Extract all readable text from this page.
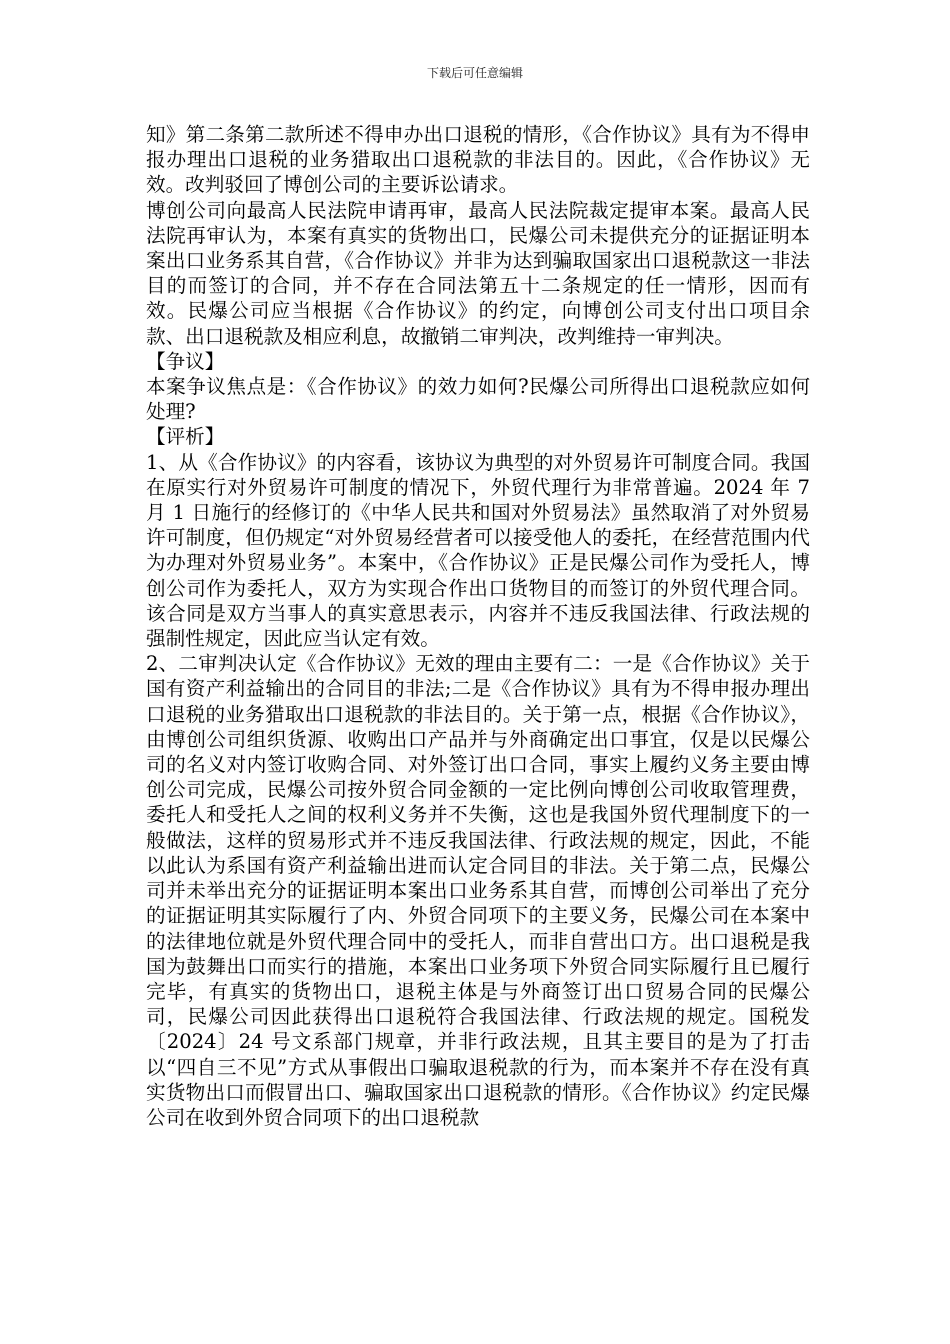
下载后可任意编辑

知》第二条第二款所述不得申办出口退税的情形，《合作协议》具有为不得申报办理出口退税的业务猎取出口退税款的非法目的。因此，《合作协议》无效。改判驳回了博创公司的主要诉讼请求。

博创公司向最高人民法院申请再审，最高人民法院裁定提审本案。最高人民法院再审认为，本案有真实的货物出口，民爆公司未提供充分的证据证明本案出口业务系其自营，《合作协议》并非为达到骗取国家出口退税款这一非法目的而签订的合同，并不存在合同法第五十二条规定的任一情形，因而有效。民爆公司应当根据《合作协议》的约定，向博创公司支付出口项目余款、出口退税款及相应利息，故撤销二审判决，改判维持一审判决。

【争议】

本案争议焦点是：《合作协议》的效力如何?民爆公司所得出口退税款应如何处理?

【评析】

1、从《合作协议》的内容看，该协议为典型的对外贸易许可制度合同。我国在原实行对外贸易许可制度的情况下，外贸代理行为非常普遍。2024 年 7 月 1 日施行的经修订的《中华人民共和国对外贸易法》虽然取消了对外贸易许可制度，但仍规定“对外贸易经营者可以接受他人的委托，在经营范围内代为办理对外贸易业务”。本案中，《合作协议》正是民爆公司作为受托人，博创公司作为委托人，双方为实现合作出口货物目的而签订的外贸代理合同。该合同是双方当事人的真实意思表示，内容并不违反我国法律、行政法规的强制性规定，因此应当认定有效。

2、二审判决认定《合作协议》无效的理由主要有二：一是《合作协议》关于国有资产利益输出的合同目的非法;二是《合作协议》具有为不得申报办理出口退税的业务猎取出口退税款的非法目的。关于第一点，根据《合作协议》，由博创公司组织货源、收购出口产品并与外商确定出口事宜，仅是以民爆公司的名义对内签订收购合同、对外签订出口合同，事实上履约义务主要由博创公司完成，民爆公司按外贸合同金额的一定比例向博创公司收取管理费，委托人和受托人之间的权利义务并不失衡，这也是我国外贸代理制度下的一般做法，这样的贸易形式并不违反我国法律、行政法规的规定，因此，不能以此认为系国有资产利益输出进而认定合同目的非法。关于第二点，民爆公司并未举出充分的证据证明本案出口业务系其自营，而博创公司举出了充分的证据证明其实际履行了内、外贸合同项下的主要义务，民爆公司在本案中的法律地位就是外贸代理合同中的受托人，而非自营出口方。出口退税是我国为鼓舞出口而实行的措施，本案出口业务项下外贸合同实际履行且已履行完毕，有真实的货物出口，退税主体是与外商签订出口贸易合同的民爆公司，民爆公司因此获得出口退税符合我国法律、行政法规的规定。国税发〔2024〕24 号文系部门规章，并非行政法规，且其主要目的是为了打击以“四自三不见”方式从事假出口骗取退税款的行为，而本案并不存在没有真实货物出口而假冒出口、骗取国家出口退税款的情形。《合作协议》约定民爆公司在收到外贸合同项下的出口退税款
